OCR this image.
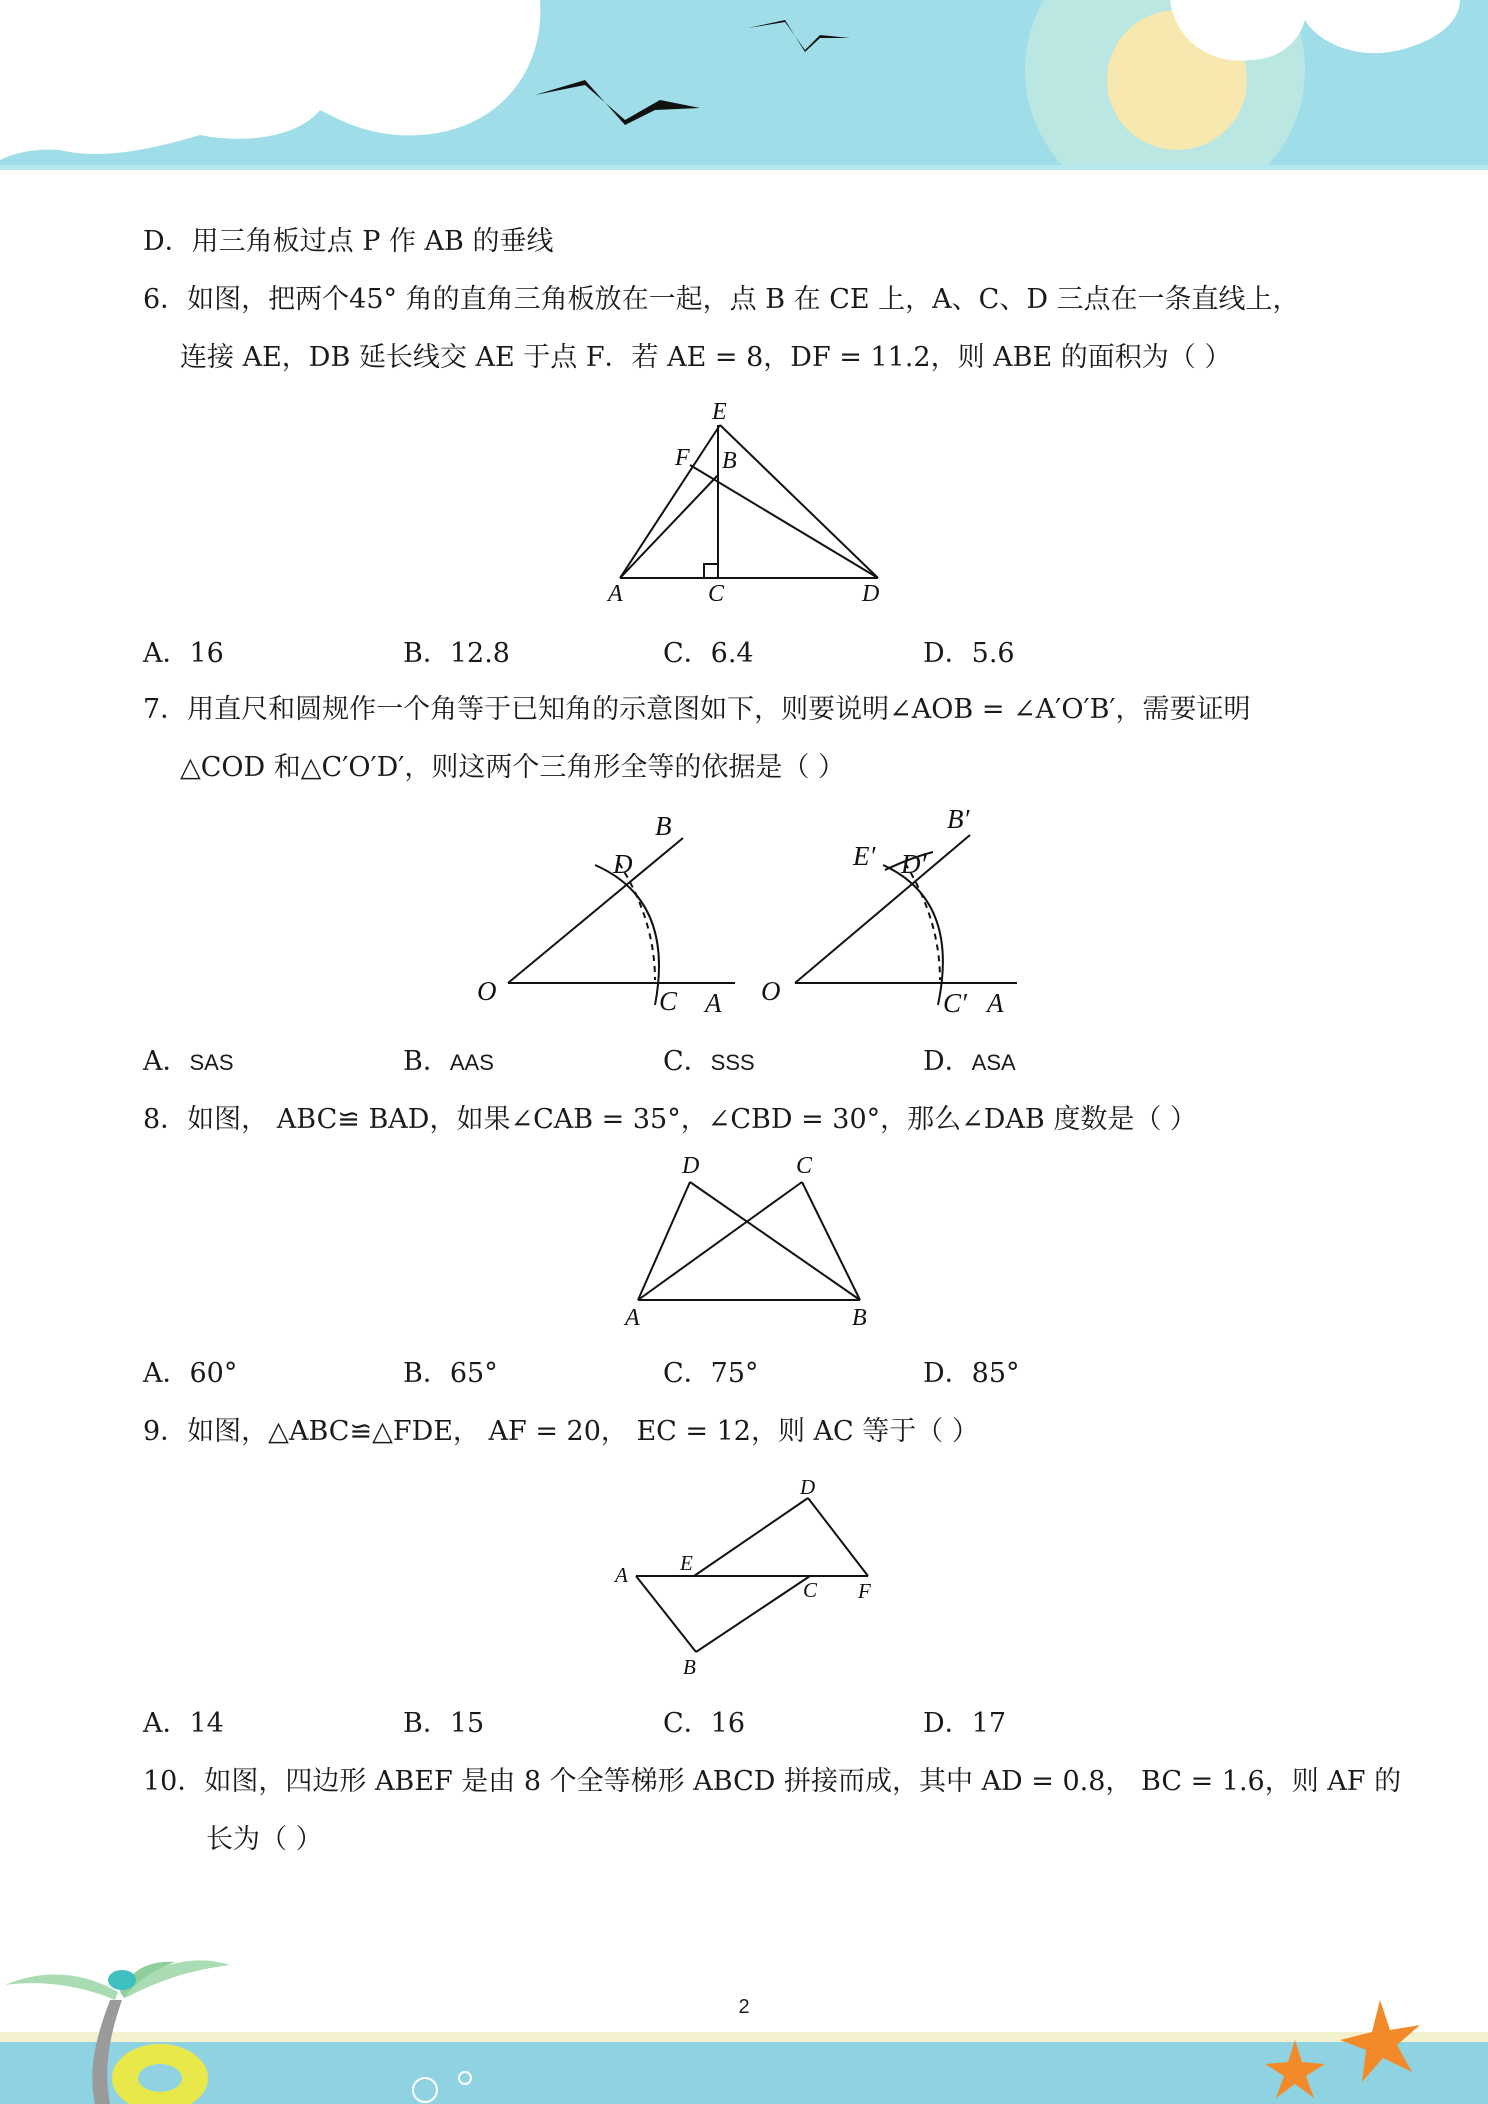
D．用三角板过点 P 作 AB 的垂线
6．如图，把两个45° 角的直角三角板放在一起，点 B 在 CE 上，A、C、D 三点在一条直线上，
连接 AE，DB 延长线交 AE 于点 F．若 AE = 8，DF = 11.2，则 ABE 的面积为（ ）
E
F B
A	C	D
A．16	B．12.8	C．6.4	D．5.6
7．用直尺和圆规作一个角等于已知角的示意图如下，则要说明∠AOB = ∠A′O′B′，需要证明
△COD 和△C′O′D′，则这两个三角形全等的依据是（ ）
B
D
O	C A
B′
E′ D′
O	C′ A
A．SAS	B．AAS	C．SSS	D．ASA
8．如图， ABC≌ BAD，如果∠CAB = 35°，∠CBD = 30°，那么∠DAB 度数是（ ）
D	C
A	B
A．60°	B．65°	C．75°	D．85°
9．如图，△ABC≌△FDE， AF = 20， EC = 12，则 AC 等于（ ）
D
A E
C F
B
A．14	B．15	C．16	D．17
10．如图，四边形 ABEF 是由 8 个全等梯形 ABCD 拼接而成，其中 AD = 0.8， BC = 1.6，则 AF 的
长为（ ）
2
